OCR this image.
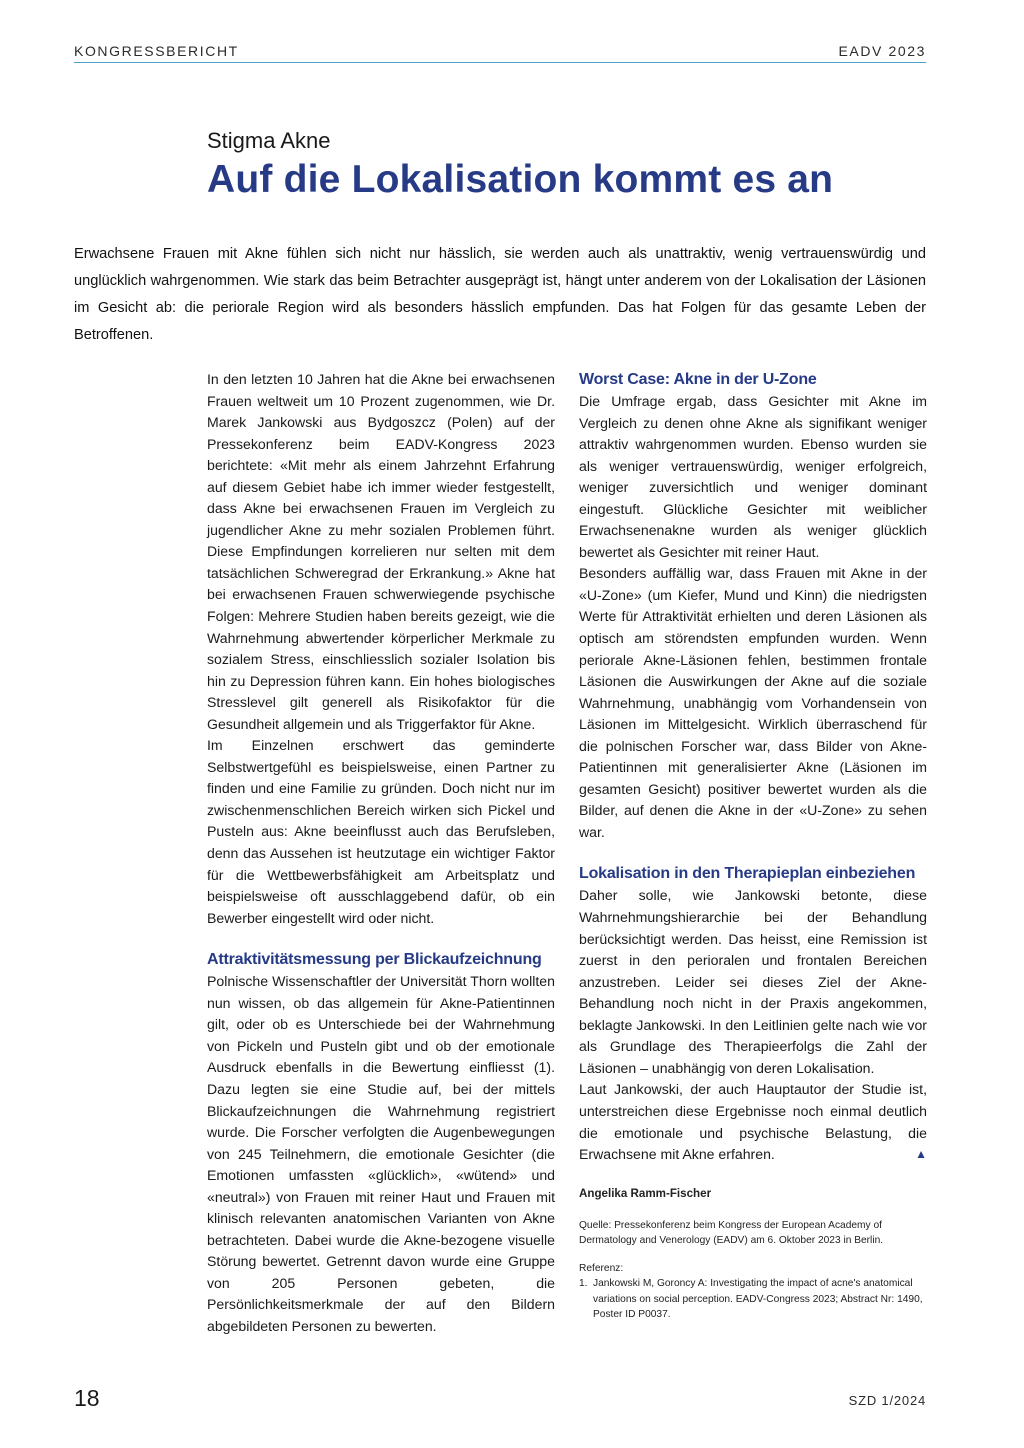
KONGRESSBERICHT	EADV 2023
Stigma Akne
Auf die Lokalisation kommt es an
Erwachsene Frauen mit Akne fühlen sich nicht nur hässlich, sie werden auch als unattraktiv, wenig vertrauenswürdig und unglücklich wahrgenommen. Wie stark das beim Betrachter ausgeprägt ist, hängt unter anderem von der Lokalisation der Läsionen im Gesicht ab: die periorale Region wird als besonders hässlich empfunden. Das hat Folgen für das gesamte Leben der Betroffenen.

In den letzten 10 Jahren hat die Akne bei erwachsenen Frauen weltweit um 10 Prozent zugenommen, wie Dr. Marek Jankowski aus Bydgoszcz (Polen) auf der Pressekonferenz beim EADV-Kongress 2023 berichtete: «Mit mehr als einem Jahrzehnt Erfahrung auf diesem Gebiet habe ich immer wieder festgestellt, dass Akne bei erwachsenen Frauen im Vergleich zu jugendlicher Akne zu mehr sozialen Problemen führt. Diese Empfindungen korrelieren nur selten mit dem tatsächlichen Schweregrad der Erkrankung.» Akne hat bei erwachsenen Frauen schwerwiegende psychische Folgen: Mehrere Studien haben bereits gezeigt, wie die Wahrnehmung abwertender körperlicher Merkmale zu sozialem Stress, einschliesslich sozialer Isolation bis hin zu Depression führen kann. Ein hohes biologisches Stresslevel gilt generell als Risikofaktor für die Gesundheit allgemein und als Triggerfaktor für Akne.

Im Einzelnen erschwert das geminderte Selbstwertgefühl es beispielsweise, einen Partner zu finden und eine Familie zu gründen. Doch nicht nur im zwischenmenschlichen Bereich wirken sich Pickel und Pusteln aus: Akne beeinflusst auch das Berufsleben, denn das Aussehen ist heutzutage ein wichtiger Faktor für die Wettbewerbsfähigkeit am Arbeitsplatz und beispielsweise oft ausschlaggebend dafür, ob ein Bewerber eingestellt wird oder nicht.

Attraktivitätsmessung per Blickaufzeichnung

Polnische Wissenschaftler der Universität Thorn wollten nun wissen, ob das allgemein für Akne-Patientinnen gilt, oder ob es Unterschiede bei der Wahrnehmung von Pickeln und Pusteln gibt und ob der emotionale Ausdruck ebenfalls in die Bewertung einfliesst (1). Dazu legten sie eine Studie auf, bei der mittels Blickaufzeichnungen die Wahrnehmung registriert wurde. Die Forscher verfolgten die Augenbewegungen von 245 Teilnehmern, die emotionale Gesichter (die Emotionen umfassten «glücklich», «wütend» und «neutral») von Frauen mit reiner Haut und Frauen mit klinisch relevanten anatomischen Varianten von Akne betrachteten. Dabei wurde die Akne-bezogene visuelle Störung bewertet. Getrennt davon wurde eine Gruppe von 205 Personen gebeten, die Persönlichkeitsmerkmale der auf den Bildern abgebildeten Personen zu bewerten.

Worst Case: Akne in der U-Zone

Die Umfrage ergab, dass Gesichter mit Akne im Vergleich zu denen ohne Akne als signifikant weniger attraktiv wahrgenommen wurden. Ebenso wurden sie als weniger vertrauenswürdig, weniger erfolgreich, weniger zuversichtlich und weniger dominant eingestuft. Glückliche Gesichter mit weiblicher Erwachsenenakne wurden als weniger glücklich bewertet als Gesichter mit reiner Haut.

Besonders auffällig war, dass Frauen mit Akne in der «U-Zone» (um Kiefer, Mund und Kinn) die niedrigsten Werte für Attraktivität erhielten und deren Läsionen als optisch am störendsten empfunden wurden. Wenn periorale Akne-Läsionen fehlen, bestimmen frontale Läsionen die Auswirkungen der Akne auf die soziale Wahrnehmung, unabhängig vom Vorhandensein von Läsionen im Mittelgesicht. Wirklich überraschend für die polnischen Forscher war, dass Bilder von Akne-Patientinnen mit generalisierter Akne (Läsionen im gesamten Gesicht) positiver bewertet wurden als die Bilder, auf denen die Akne in der «U-Zone» zu sehen war.

Lokalisation in den Therapieplan einbeziehen

Daher solle, wie Jankowski betonte, diese Wahrnehmungshierarchie bei der Behandlung berücksichtigt werden. Das heisst, eine Remission ist zuerst in den perioralen und frontalen Bereichen anzustreben. Leider sei dieses Ziel der Akne-Behandlung noch nicht in der Praxis angekommen, beklagte Jankowski. In den Leitlinien gelte nach wie vor als Grundlage des Therapieerfolgs die Zahl der Läsionen – unabhängig von deren Lokalisation.

Laut Jankowski, der auch Hauptautor der Studie ist, unterstreichen diese Ergebnisse noch einmal deutlich die emotionale und psychische Belastung, die Erwachsene mit Akne erfahren.	▲

Angelika Ramm-Fischer

Quelle: Pressekonferenz beim Kongress der European Academy of Dermatology and Venerology (EADV) am 6. Oktober 2023 in Berlin.

Referenz:

1. Jankowski M, Goroncy A: Investigating the impact of acne's anatomical variations on social perception. EADV-Congress 2023; Abstract Nr: 1490, Poster ID P0037.
18	SZD 1/2024
